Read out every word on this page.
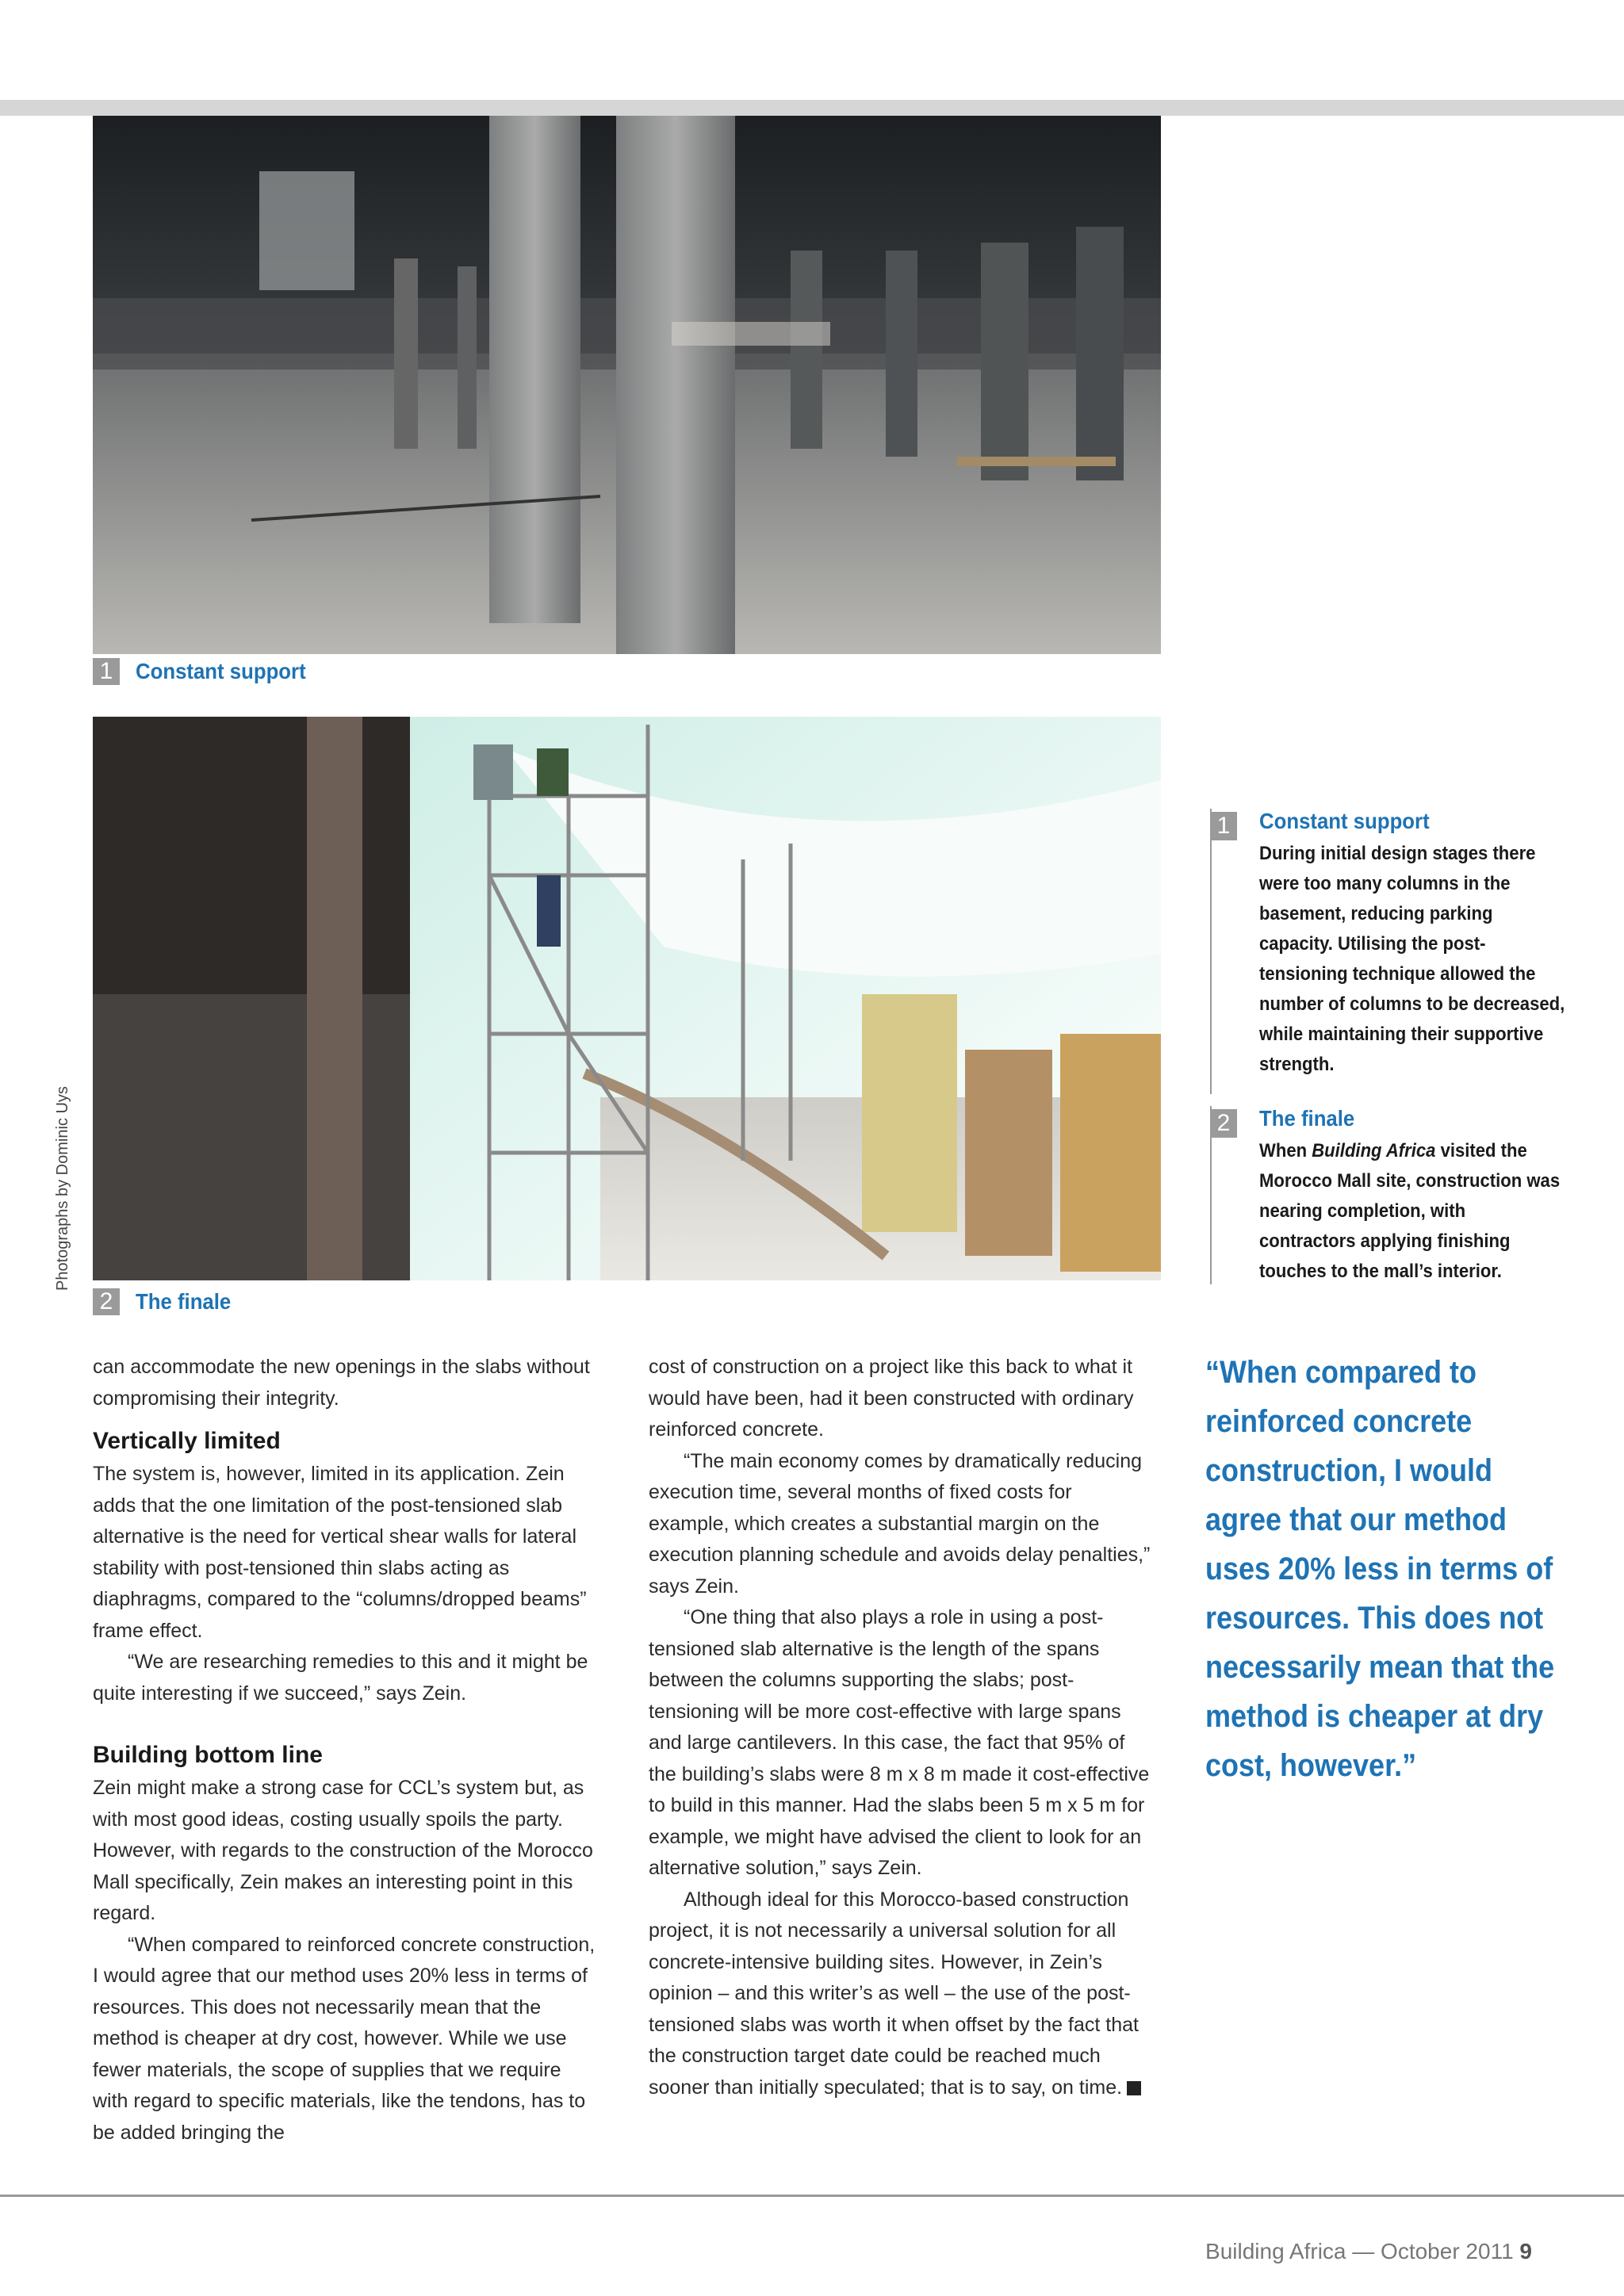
1	Constant support
2	The finale
Photographs by Dominic Uys
1	Constant support

During initial design stages there were too many columns in the basement, reducing parking capacity. Utilising the post-tensioning technique allowed the number of columns to be decreased, while maintaining their supportive strength.

2	The finale

When Building Africa visited the Morocco Mall site, construction was nearing completion, with contractors applying finishing touches to the mall’s interior.

can accommodate the new openings in the slabs without compromising their integrity.

Vertically limited

The system is, however, limited in its application. Zein adds that the one limitation of the post-tensioned slab alternative is the need for vertical shear walls for lateral stability with post-tensioned thin slabs acting as diaphragms, compared to the “columns/dropped beams” frame effect.

“We are researching remedies to this and it might be quite interesting if we succeed,” says Zein.

Building bottom line

Zein might make a strong case for CCL’s system but, as with most good ideas, costing usually spoils the party. However, with regards to the construction of the Morocco Mall specifically, Zein makes an interesting point in this regard.

“When compared to reinforced concrete construction, I would agree that our method uses 20% less in terms of resources. This does not necessarily mean that the method is cheaper at dry cost, however. While we use fewer materials, the scope of supplies that we require with regard to specific materials, like the tendons, has to be added bringing the

cost of construction on a project like this back to what it would have been, had it been constructed with ordinary reinforced concrete.

“The main economy comes by dramatically reducing execution time, several months of fixed costs for example, which creates a substantial margin on the execution planning schedule and avoids delay penalties,” says Zein.

“One thing that also plays a role in using a post-tensioned slab alternative is the length of the spans between the columns supporting the slabs; post-tensioning will be more cost-effective with large spans and large cantilevers. In this case, the fact that 95% of the building’s slabs were 8 m x 8 m made it cost-effective to build in this manner. Had the slabs been 5 m x 5 m for example, we might have advised the client to look for an alternative solution,” says Zein.

Although ideal for this Morocco-based construction project, it is not necessarily a universal solution for all concrete-intensive building sites. However, in Zein’s opinion – and this writer’s as well – the use of the post-tensioned slabs was worth it when offset by the fact that the construction target date could be reached much sooner than initially speculated; that is to say, on time.

“When compared to reinforced concrete construction, I would agree that our method uses 20% less in terms of resources. This does not necessarily mean that the method is cheaper at dry cost, however.”
Building Africa — October 2011 9
